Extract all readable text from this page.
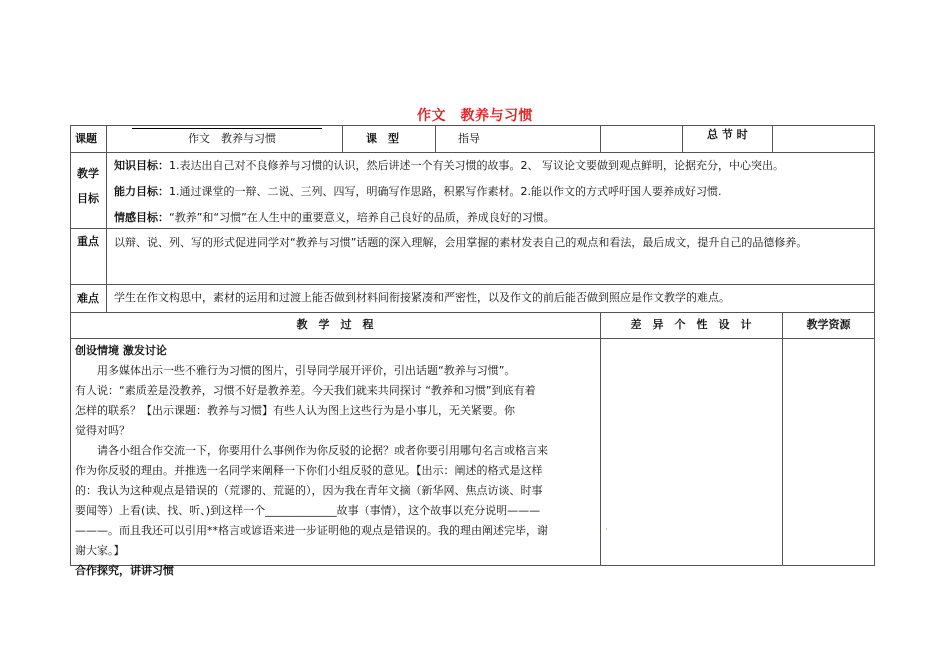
作文　教养与习惯
课题	作文　教养与习惯	课　型	指导	总 节 时
教学
目标
知识目标：1.表达出自己对不良修养与习惯的认识，然后讲述一个有关习惯的故事。2、 写议论文要做到观点鲜明，论据充分，中心突出。
能力目标：1.通过课堂的一辩、二说、三列、四写，明确写作思路，积累写作素材。2.能以作文的方式呼吁国人要养成好习惯.
情感目标：“教养”和“习惯”在人生中的重要意义，培养自己良好的品质，养成良好的习惯。
重点 以辩、说、列、写的形式促进同学对“教养与习惯”话题的深入理解，会用掌握的素材发表自己的观点和看法，最后成文，提升自己的品德修养。
难点 学生在作文构思中，素材的运用和过渡上能否做到材料间衔接紧凑和严密性，以及作文的前后能否做到照应是作文教学的难点。
教　学　过　程	差　异　个　性　设　计	教学资源
创设情境 激发讨论
　　用多媒体出示一些不雅行为习惯的图片，引导同学展开评价，引出话题“教养与习惯”。
有人说：“素质差是没教养，习惯不好是教养差。今天我们就来共同探讨 “教养和习惯”到底有着
怎样的联系？【出示课题：教养与习惯】有些人认为图上这些行为是小事儿，无关紧要。你
觉得对吗？
　　请各小组合作交流一下，你要用什么事例作为你反驳的论据？或者你要引用哪句名言或格言来
作为你反驳的理由。并推选一名同学来阐释一下你们小组反驳的意见。【出示：阐述的格式是这样
的：我认为这种观点是错误的（荒谬的、荒诞的），因为我在青年文摘（新华网、焦点访谈、时事
要闻等）上看(读、找、听、)到这样一个_____________故事（事情），这个故事以充分说明———
———。而且我还可以引用**格言或谚语来进一步证明他的观点是错误的。我的理由阐述完毕，谢
谢大家。】
合作探究，讲讲习惯
·
